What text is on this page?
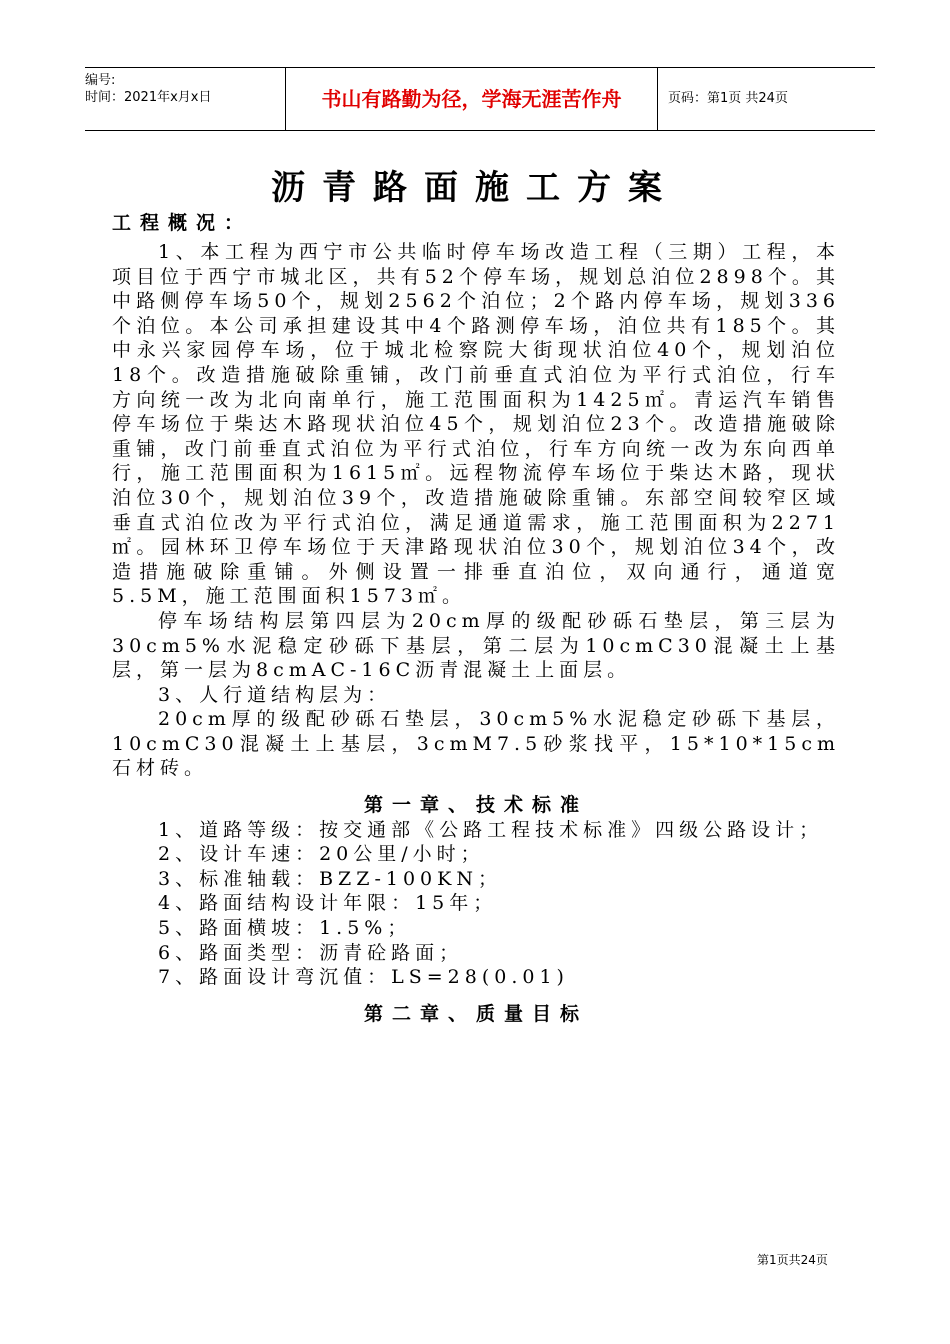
编号:
时间：2021年x月x日	书山有路勤为径，学海无涯苦作舟	页码：第1页 共24页
沥青路面施工方案
工程概况：

1、本工程为西宁市公共临时停车场改造工程（三期）工程，本项目位于西宁市城北区，共有52个停车场，规划总泊位2898个。其中路侧停车场50个，规划2562个泊位；2个路内停车场，规划336个泊位。本公司承担建设其中4个路测停车场，泊位共有185个。其中永兴家园停车场，位于城北检察院大街现状泊位40个，规划泊位18个。改造措施破除重铺，改门前垂直式泊位为平行式泊位，行车方向统一改为北向南单行，施工范围面积为1425㎡。青运汽车销售停车场位于柴达木路现状泊位45个，规划泊位23个。改造措施破除重铺，改门前垂直式泊位为平行式泊位，行车方向统一改为东向西单行，施工范围面积为1615㎡。远程物流停车场位于柴达木路，现状泊位30个，规划泊位39个，改造措施破除重铺。东部空间较窄区域垂直式泊位改为平行式泊位，满足通道需求，施工范围面积为2271㎡。园林环卫停车场位于天津路现状泊位30个，规划泊位34个，改造措施破除重铺。外侧设置一排垂直泊位，双向通行，通道宽5.5M，施工范围面积1573㎡。

停车场结构层第四层为20cm厚的级配砂砾石垫层，第三层为30cm5%水泥稳定砂砾下基层，第二层为10cmC30混凝土上基层，第一层为8cmAC-16C沥青混凝土上面层。

3、人行道结构层为：

20cm厚的级配砂砾石垫层，30cm5%水泥稳定砂砾下基层，10cmC30混凝土上基层，3cmM7.5砂浆找平，15*10*15cm石材砖。

第一章、技术标准

1、道路等级：按交通部《公路工程技术标准》四级公路设计；

2、设计车速：20公里/小时；

3、标准轴载：BZZ-100KN；

4、路面结构设计年限：15年；

5、路面横坡：1.5%；

6、路面类型：沥青砼路面；

7、路面设计弯沉值：LS=28(0.01)

第二章、质量目标

第1页共24页
